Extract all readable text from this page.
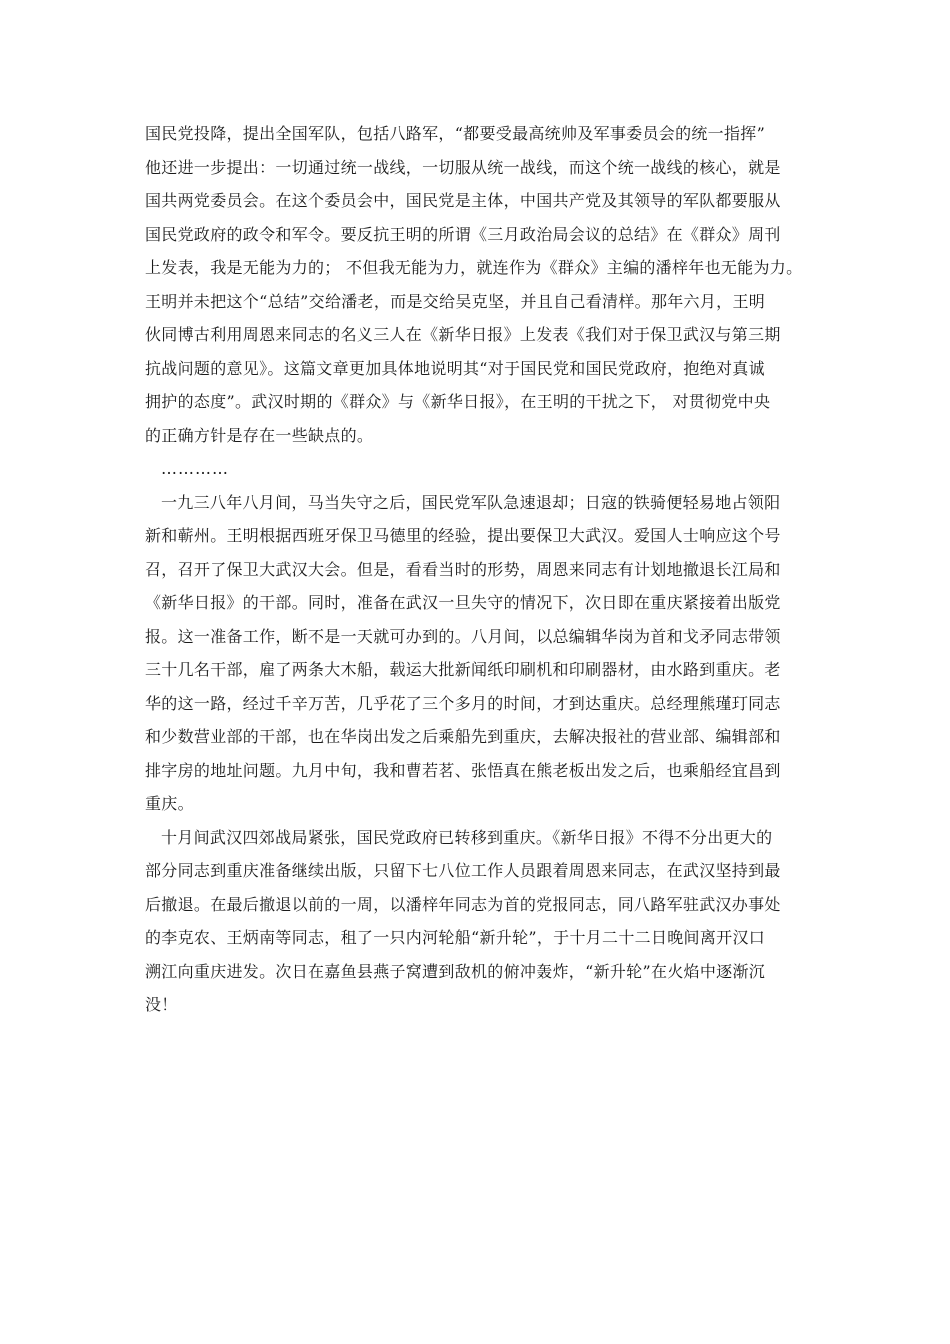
国民党投降，提出全国军队，包括八路军，“都要受最高统帅及军事委员会的统一指挥”
他还进一步提出：一切通过统一战线，一切服从统一战线，而这个统一战线的核心，就是
国共两党委员会。在这个委员会中，国民党是主体，中国共产党及其领导的军队都要服从
国民党政府的政令和军令。要反抗王明的所谓《三月政治局会议的总结》在《群众》周刊
上发表，我是无能为力的； 不但我无能为力，就连作为《群众》主编的潘梓年也无能为力。
王明并未把这个“总结”交给潘老，而是交给吴克坚，并且自己看清样。那年六月，王明
伙同博古利用周恩来同志的名义三人在《新华日报》上发表《我们对于保卫武汉与第三期
抗战问题的意见》。这篇文章更加具体地说明其“对于国民党和国民党政府，抱绝对真诚
拥护的态度”。武汉时期的《群众》与《新华日报》，在王明的干扰之下， 对贯彻党中央
的正确方针是存在一些缺点的。
…………
一九三八年八月间，马当失守之后，国民党军队急速退却；日寇的铁骑便轻易地占领阳
新和蕲州。王明根据西班牙保卫马德里的经验，提出要保卫大武汉。爱国人士响应这个号
召，召开了保卫大武汉大会。但是，看看当时的形势，周恩来同志有计划地撤退长江局和
《新华日报》的干部。同时，准备在武汉一旦失守的情况下，次日即在重庆紧接着出版党
报。这一准备工作，断不是一天就可办到的。八月间，以总编辑华岗为首和戈矛同志带领
三十几名干部，雇了两条大木船，载运大批新闻纸印刷机和印刷器材，由水路到重庆。老
华的这一路，经过千辛万苦，几乎花了三个多月的时间，才到达重庆。总经理熊瑾玎同志
和少数营业部的干部，也在华岗出发之后乘船先到重庆，去解决报社的营业部、编辑部和
排字房的地址问题。九月中旬，我和曹若茗、张悟真在熊老板出发之后，也乘船经宜昌到
重庆。
十月间武汉四郊战局紧张，国民党政府已转移到重庆。《新华日报》不得不分出更大的
部分同志到重庆准备继续出版，只留下七八位工作人员跟着周恩来同志，在武汉坚持到最
后撤退。在最后撤退以前的一周，以潘梓年同志为首的党报同志，同八路军驻武汉办事处
的李克农、王炳南等同志，租了一只内河轮船“新升轮”，于十月二十二日晚间离开汉口
溯江向重庆进发。次日在嘉鱼县燕子窝遭到敌机的俯冲轰炸，“新升轮”在火焰中逐渐沉
没！
